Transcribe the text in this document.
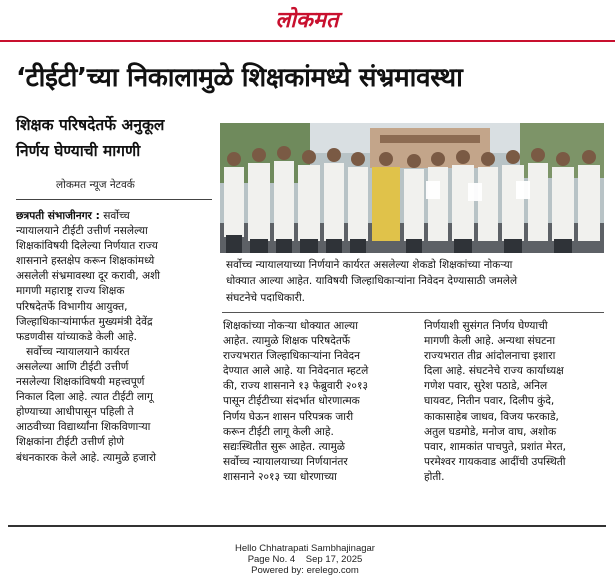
लोकमत
‘टीईटी’च्या निकालामुळे शिक्षकांमध्ये संभ्रमावस्था
शिक्षक परिषदेतर्फे अनुकूल
निर्णय घेण्याची मागणी
लोकमत न्यूज नेटवर्क
सर्वोच्च न्यायालयाच्या निर्णयाने कार्यरत असलेल्या शेकडो शिक्षकांच्या नोकऱ्या
धोक्यात आल्या आहेत. याविषयी जिल्हाधिकाऱ्यांना निवेदन देण्यासाठी जमलेले
संघटनेचे पदाधिकारी.
छत्रपती संभाजीनगर : सर्वोच्च
न्यायालयाने टीईटी उत्तीर्ण नसलेल्या
शिक्षकांविषयी दिलेल्या निर्णयात राज्य
शासनाने हस्तक्षेप करून शिक्षकांमध्ये
असलेली संभ्रमावस्था दूर करावी, अशी
मागणी महाराष्ट्र राज्य शिक्षक
परिषदेतर्फे विभागीय आयुक्त,
जिल्हाधिकाऱ्यांमार्फत मुख्यमंत्री देवेंद्र
फडणवीस यांच्याकडे केली आहे.
सर्वोच्च न्यायालयाने कार्यरत
असलेल्या आणि टीईटी उत्तीर्ण
नसलेल्या शिक्षकांविषयी महत्त्वपूर्ण
निकाल दिला आहे. त्यात टीईटी लागू
होण्याच्या आधीपासून पहिली ते
आठवीच्या विद्यार्थ्यांना शिकविणाऱ्या
शिक्षकांना टीईटी उत्तीर्ण होणे
बंधनकारक केले आहे. त्यामुळे हजारो
शिक्षकांच्या नोकऱ्या धोक्यात आल्या
आहेत. त्यामुळे शिक्षक परिषदेतर्फे
राज्यभरात जिल्हाधिकाऱ्यांना निवेदन
देण्यात आले आहे. या निवेदनात म्हटले
की, राज्य शासनाने १३ फेब्रुवारी २०१३
पासून टीईटीच्या संदर्भात धोरणात्मक
निर्णय घेऊन शासन परिपत्रक जारी
करून टीईटी लागू केली आहे.
सद्यःस्थितीत सुरू आहेत. त्यामुळे
सर्वोच्च न्यायालयाच्या निर्णयानंतर
शासनाने २०१३ च्या धोरणाच्या
निर्णयाशी सुसंगत निर्णय घेण्याची
मागणी केली आहे. अन्यथा संघटना
राज्यभरात तीव्र आंदोलनाचा इशारा
दिला आहे. संघटनेचे राज्य कार्याध्यक्ष
गणेश पवार, सुरेश पठाडे, अनिल
घायवट, नितीन पवार, दिलीप कुंदे,
काकासाहेब जाधव, विजय फरकाडे,
अतुल घडमोडे, मनोज वाघ, अशोक
पवार, शामकांत पाचपुते, प्रशांत मेरत,
परमेश्वर गायकवाड आदींची उपस्थिती
होती.
Hello Chhatrapati Sambhajinagar
Page No. 4    Sep 17, 2025
Powered by: erelego.com
